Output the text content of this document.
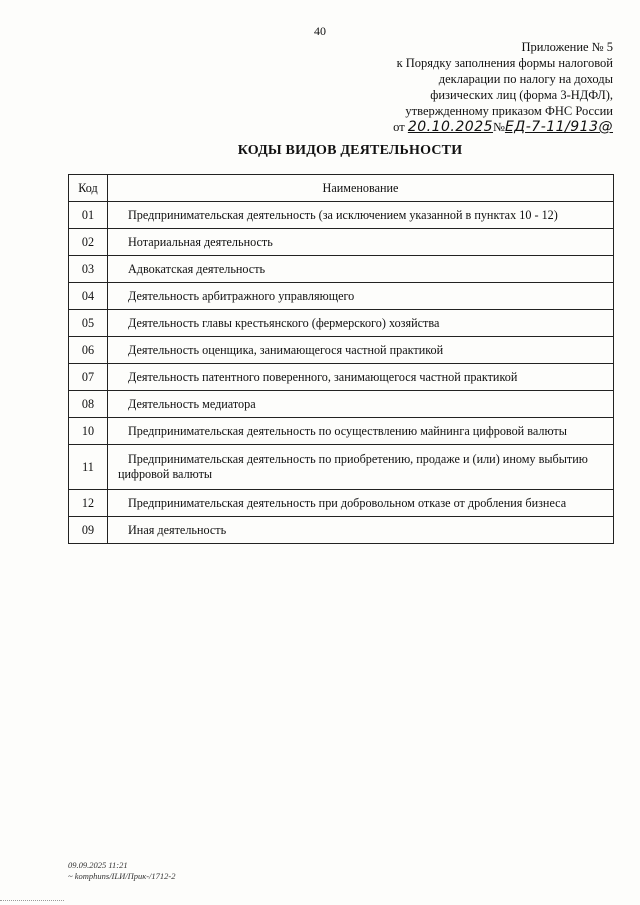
40
Приложение № 5
к Порядку заполнения формы налоговой
декларации по налогу на доходы
физических лиц (форма 3-НДФЛ),
утвержденному приказом ФНС России
от 20.10.2025№ЕД-7-11/913@
КОДЫ ВИДОВ ДЕЯТЕЛЬНОСТИ
Код	Наименование
01	Предпринимательская деятельность (за исключением указанной в пунктах 10 - 12)
02	Нотариальная деятельность
03	Адвокатская деятельность
04	Деятельность арбитражного управляющего
05	Деятельность главы крестьянского (фермерского) хозяйства
06	Деятельность оценщика, занимающегося частной практикой
07	Деятельность патентного поверенного, занимающегося частной практикой
08	Деятельность медиатора
10	Предпринимательская деятельность по осуществлению майнинга цифровой валюты
11	Предпринимательская деятельность по приобретению, продаже и (или) иному выбытию цифровой валюты
12	Предпринимательская деятельность при добровольном отказе от дробления бизнеса
09	Иная деятельность
09.09.2025 11:21
~ komphuns/ILИ/Прик-/1712-2
